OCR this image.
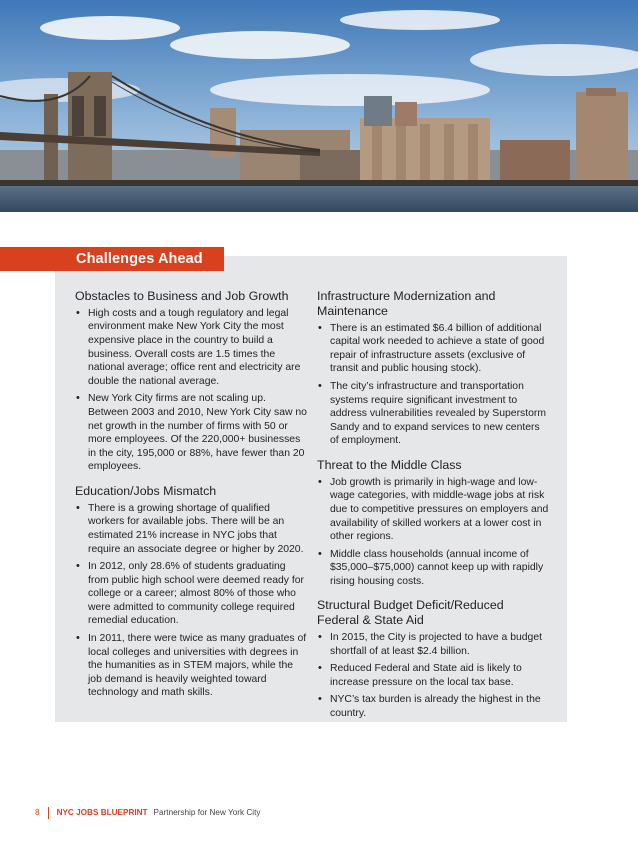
Challenges Ahead
Obstacles to Business and Job Growth
• High costs and a tough regulatory and legal environment make New York City the most expensive place in the country to build a business. Overall costs are 1.5 times the national average; office rent and electricity are double the national average.
• New York City firms are not scaling up. Between 2003 and 2010, New York City saw no net growth in the number of firms with 50 or more employees. Of the 220,000+ businesses in the city, 195,000 or 88%, have fewer than 20 employees.
Education/Jobs Mismatch
• There is a growing shortage of qualified workers for available jobs. There will be an estimated 21% increase in NYC jobs that require an associate degree or higher by 2020.
• In 2012, only 28.6% of students graduating from public high school were deemed ready for college or a career; almost 80% of those who were admitted to community college required remedial education.
• In 2011, there were twice as many graduates of local colleges and universities with degrees in the humanities as in STEM majors, while the job demand is heavily weighted toward technology and math skills.
Infrastructure Modernization and Maintenance
• There is an estimated $6.4 billion of additional capital work needed to achieve a state of good repair of infrastructure assets (exclusive of transit and public housing stock).
• The city’s infrastructure and transportation systems require significant investment to address vulnerabilities revealed by Superstorm Sandy and to expand services to new centers of employment.
Threat to the Middle Class
• Job growth is primarily in high-wage and low-wage categories, with middle-wage jobs at risk due to competitive pressures on employers and availability of skilled workers at a lower cost in other regions.
• Middle class households (annual income of $35,000–$75,000) cannot keep up with rapidly rising housing costs.
Structural Budget Deficit/Reduced Federal & State Aid
• In 2015, the City is projected to have a budget shortfall of at least $2.4 billion.
• Reduced Federal and State aid is likely to increase pressure on the local tax base.
• NYC’s tax burden is already the highest in the country.
8 NYC JOBS BLUEPRINT Partnership for New York City
